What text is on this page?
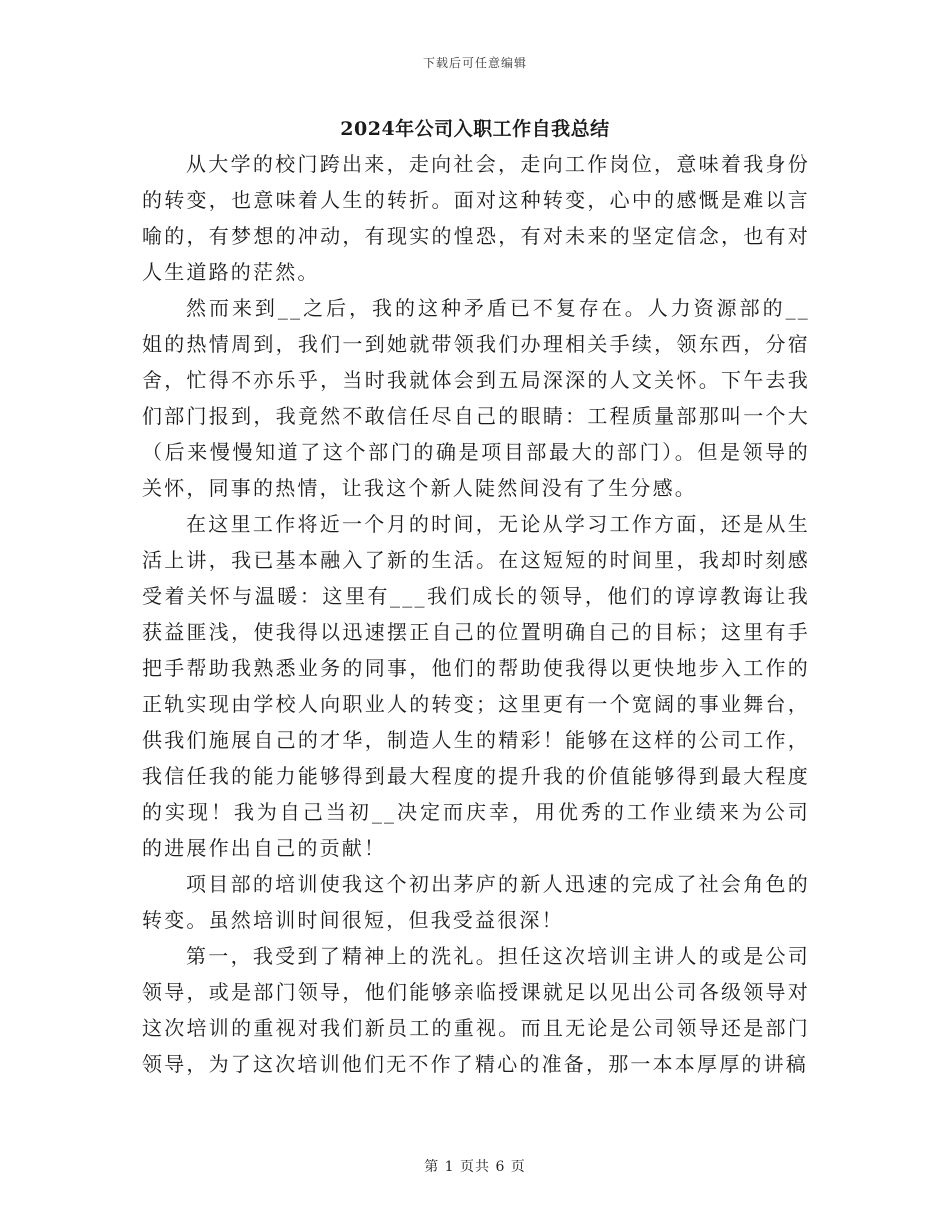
下载后可任意编辑
2024年公司入职工作自我总结

从大学的校门跨出来，走向社会，走向工作岗位，意味着我身份的转变，也意味着人生的转折。面对这种转变，心中的感慨是难以言喻的，有梦想的冲动，有现实的惶恐，有对未来的坚定信念，也有对人生道路的茫然。

然而来到__之后，我的这种矛盾已不复存在。人力资源部的__姐的热情周到，我们一到她就带领我们办理相关手续，领东西，分宿舍，忙得不亦乐乎，当时我就体会到五局深深的人文关怀。下午去我们部门报到，我竟然不敢信任尽自己的眼睛：工程质量部那叫一个大（后来慢慢知道了这个部门的确是项目部最大的部门）。但是领导的关怀，同事的热情，让我这个新人陡然间没有了生分感。

在这里工作将近一个月的时间，无论从学习工作方面，还是从生活上讲，我已基本融入了新的生活。在这短短的时间里，我却时刻感受着关怀与温暖：这里有___我们成长的领导，他们的谆谆教诲让我获益匪浅，使我得以迅速摆正自己的位置明确自己的目标；这里有手把手帮助我熟悉业务的同事，他们的帮助使我得以更快地步入工作的正轨实现由学校人向职业人的转变；这里更有一个宽阔的事业舞台，供我们施展自己的才华，制造人生的精彩！能够在这样的公司工作，我信任我的能力能够得到最大程度的提升我的价值能够得到最大程度的实现！我为自己当初__决定而庆幸，用优秀的工作业绩来为公司的进展作出自己的贡献！

项目部的培训使我这个初出茅庐的新人迅速的完成了社会角色的转变。虽然培训时间很短，但我受益很深！

第一，我受到了精神上的洗礼。担任这次培训主讲人的或是公司领导，或是部门领导，他们能够亲临授课就足以见出公司各级领导对这次培训的重视对我们新员工的重视。而且无论是公司领导还是部门领导，为了这次培训他们无不作了精心的准备，那一本本厚厚的讲稿

第 1 页共 6 页
